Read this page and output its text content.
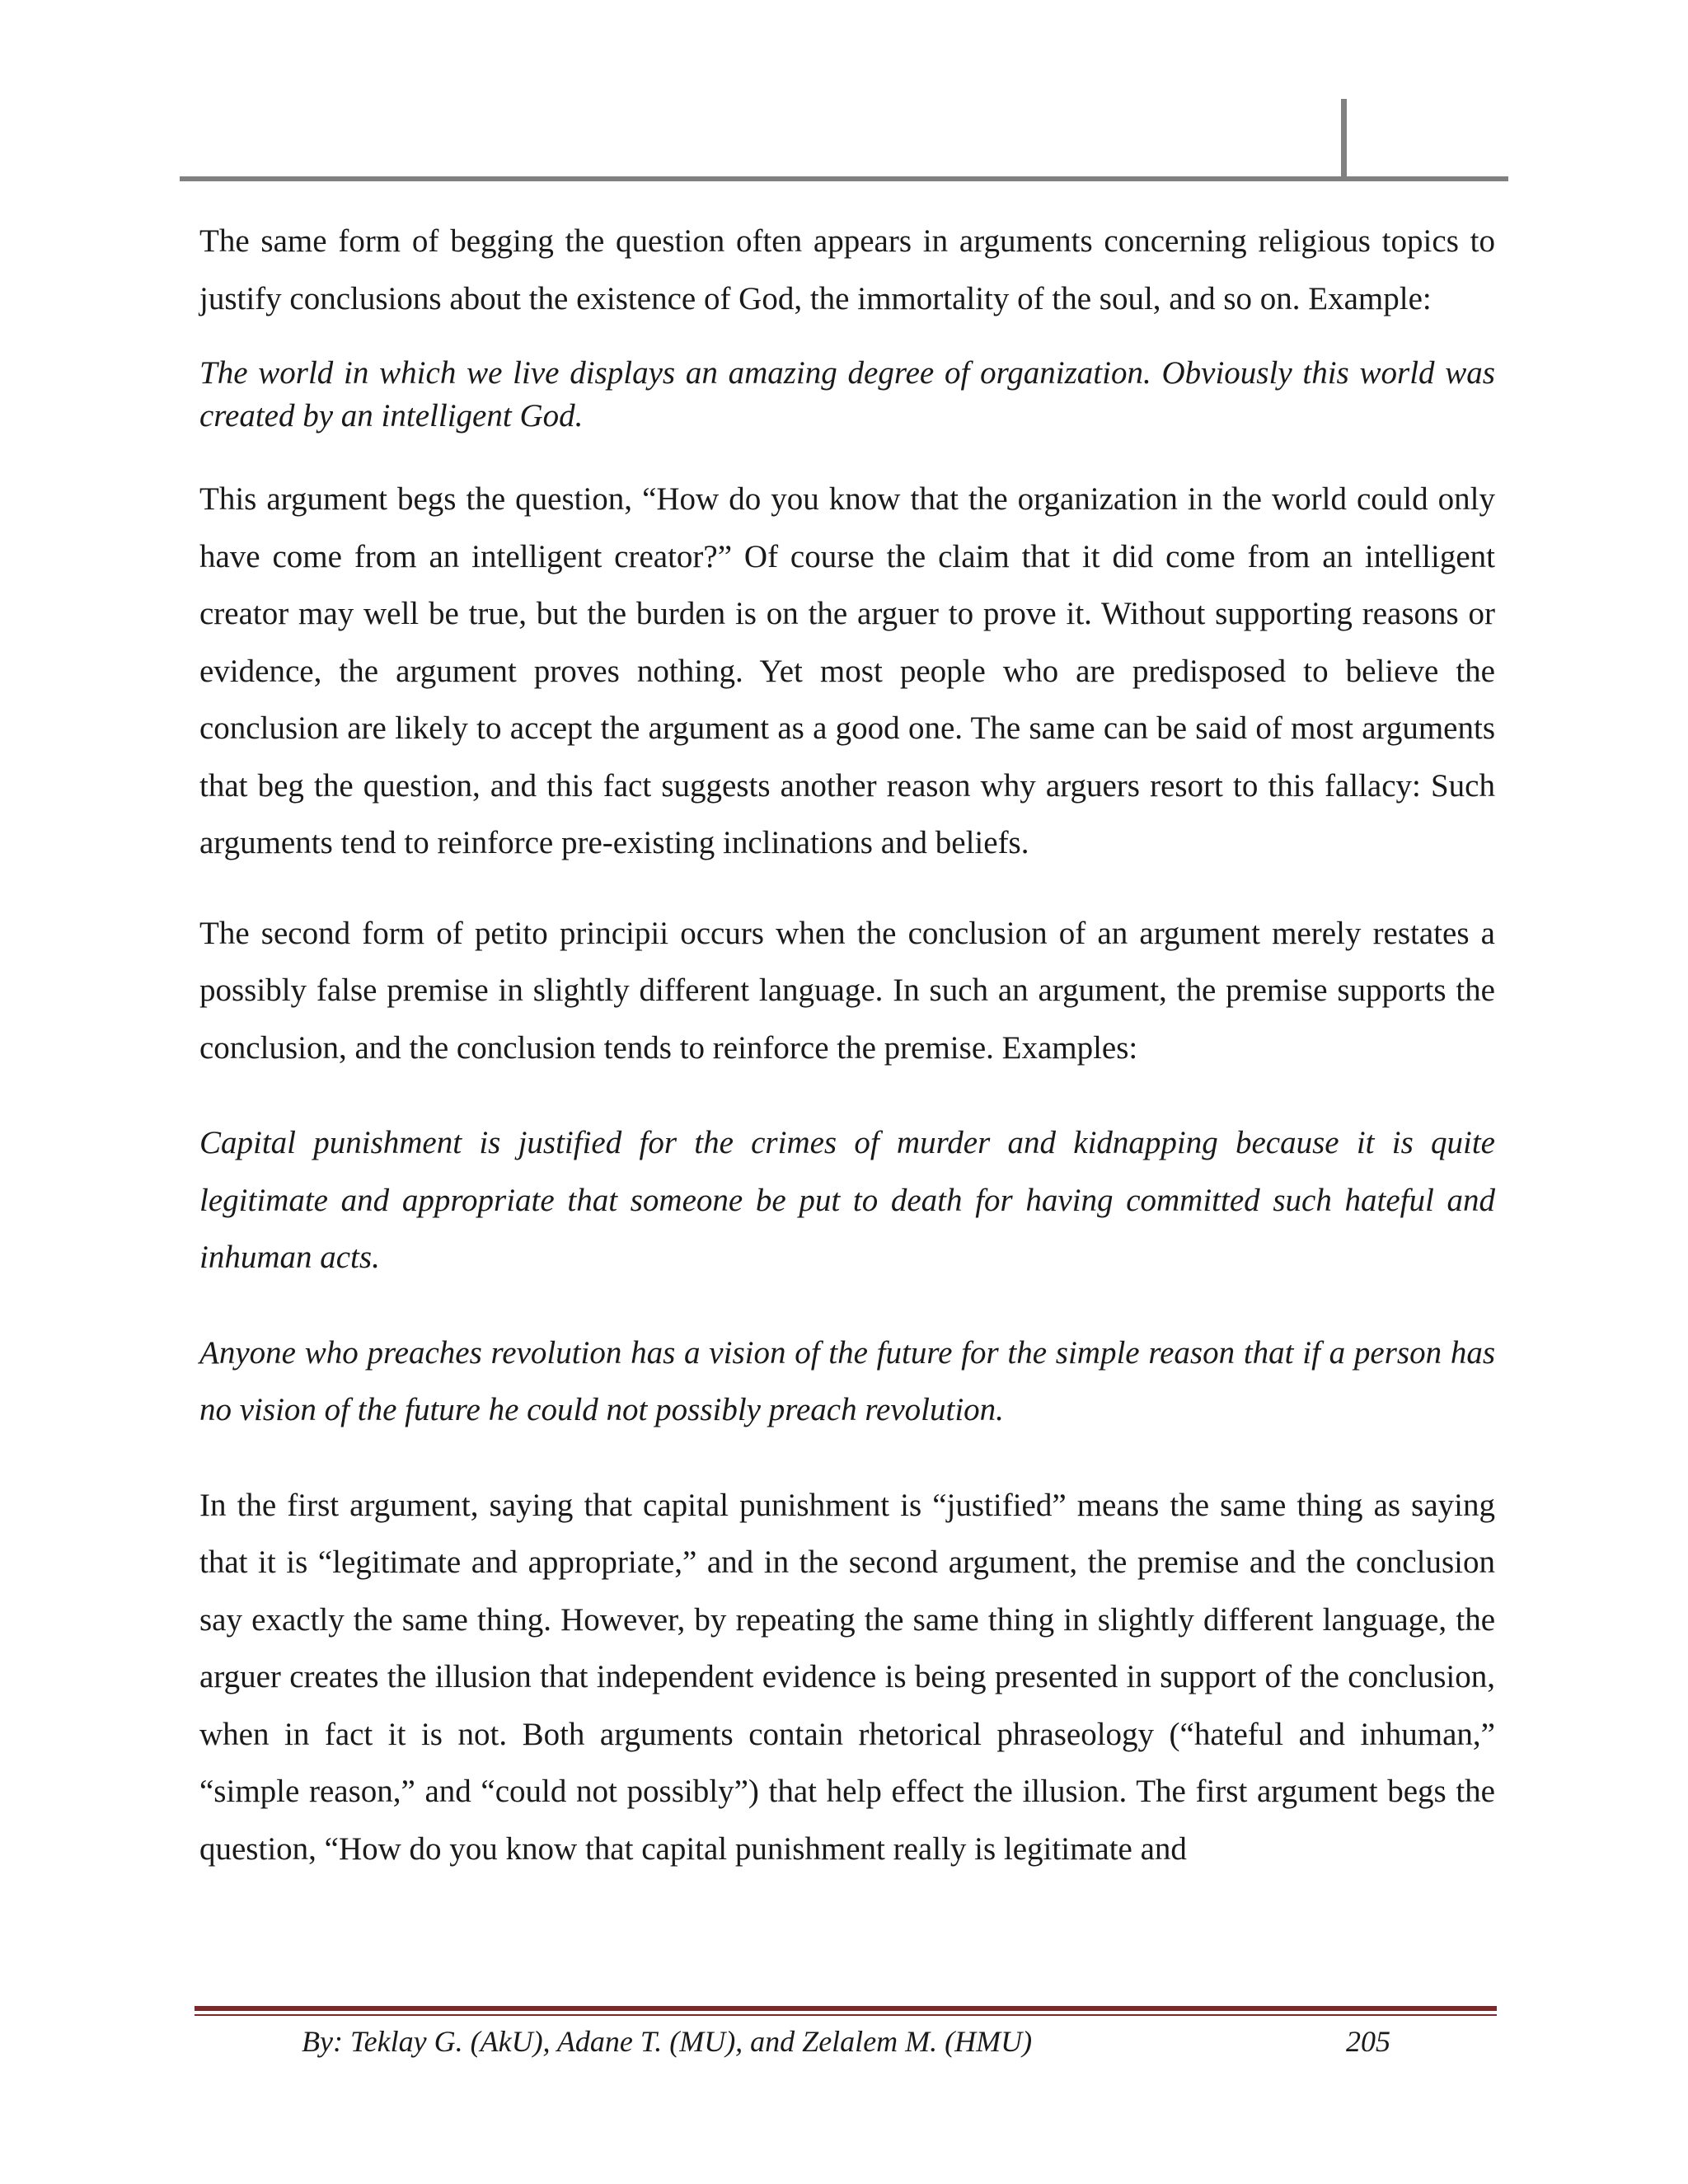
The same form of begging the question often appears in arguments concerning religious topics to justify conclusions about the existence of God, the immortality of the soul, and so on. Example:

The world in which we live displays an amazing degree of organization. Obviously this world was created by an intelligent God.

This argument begs the question, “How do you know that the organization in the world could only have come from an intelligent creator?” Of course the claim that it did come from an intelligent creator may well be true, but the burden is on the arguer to prove it. Without supporting reasons or evidence, the argument proves nothing. Yet most people who are predisposed to believe the conclusion are likely to accept the argument as a good one. The same can be said of most arguments that beg the question, and this fact suggests another reason why arguers resort to this fallacy: Such arguments tend to reinforce pre-existing inclinations and beliefs.

The second form of petito principii occurs when the conclusion of an argument merely restates a possibly false premise in slightly different language. In such an argument, the premise supports the conclusion, and the conclusion tends to reinforce the premise. Examples:

Capital punishment is justified for the crimes of murder and kidnapping because it is quite legitimate and appropriate that someone be put to death for having committed such hateful and inhuman acts.

Anyone who preaches revolution has a vision of the future for the simple reason that if a person has no vision of the future he could not possibly preach revolution.

In the first argument, saying that capital punishment is “justified” means the same thing as saying that it is “legitimate and appropriate,” and in the second argument, the premise and the conclusion say exactly the same thing. However, by repeating the same thing in slightly different language, the arguer creates the illusion that independent evidence is being presented in support of the conclusion, when in fact it is not. Both arguments contain rhetorical phraseology (“hateful and inhuman,” “simple reason,” and “could not possibly”) that help effect the illusion. The first argument begs the question, “How do you know that capital punishment really is legitimate and

By: Teklay G. (AkU), Adane T. (MU), and Zelalem M. (HMU)	205
